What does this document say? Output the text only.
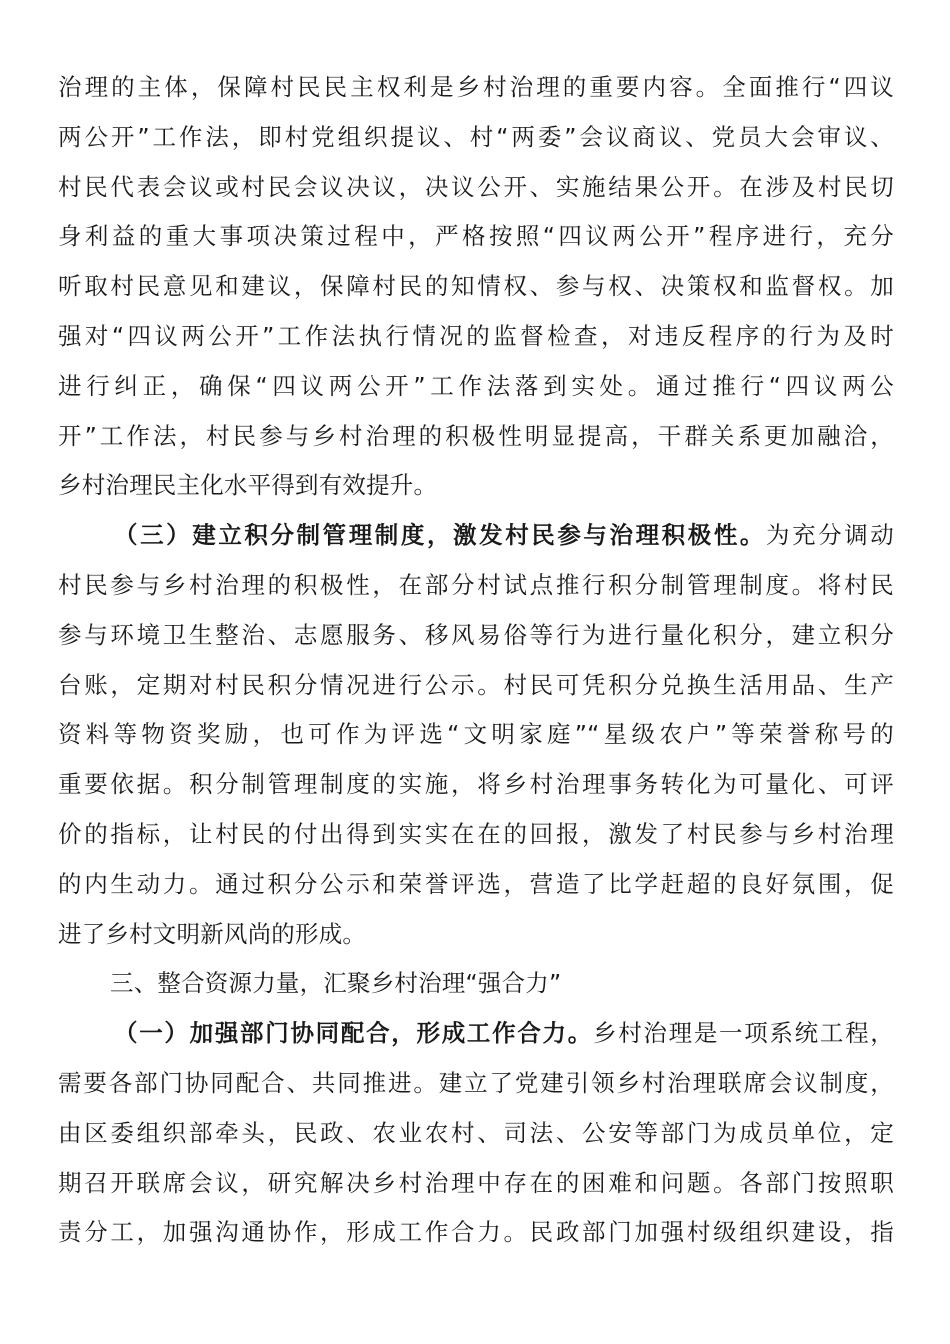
治理的主体，保障村民民主权利是乡村治理的重要内容。全面推行“四议
两公开”工作法，即村党组织提议、村“两委”会议商议、党员大会审议、
村民代表会议或村民会议决议，决议公开、实施结果公开。在涉及村民切
身利益的重大事项决策过程中，严格按照“四议两公开”程序进行，充分
听取村民意见和建议，保障村民的知情权、参与权、决策权和监督权。加
强对“四议两公开”工作法执行情况的监督检查，对违反程序的行为及时
进行纠正，确保“四议两公开”工作法落到实处。通过推行“四议两公
开”工作法，村民参与乡村治理的积极性明显提高，干群关系更加融洽，
乡村治理民主化水平得到有效提升。
（三）建立积分制管理制度，激发村民参与治理积极性。为充分调动
村民参与乡村治理的积极性，在部分村试点推行积分制管理制度。将村民
参与环境卫生整治、志愿服务、移风易俗等行为进行量化积分，建立积分
台账，定期对村民积分情况进行公示。村民可凭积分兑换生活用品、生产
资料等物资奖励，也可作为评选“文明家庭”“星级农户”等荣誉称号的
重要依据。积分制管理制度的实施，将乡村治理事务转化为可量化、可评
价的指标，让村民的付出得到实实在在的回报，激发了村民参与乡村治理
的内生动力。通过积分公示和荣誉评选，营造了比学赶超的良好氛围，促
进了乡村文明新风尚的形成。
三、整合资源力量，汇聚乡村治理“强合力”
（一）加强部门协同配合，形成工作合力。乡村治理是一项系统工程，
需要各部门协同配合、共同推进。建立了党建引领乡村治理联席会议制度，
由区委组织部牵头，民政、农业农村、司法、公安等部门为成员单位，定
期召开联席会议，研究解决乡村治理中存在的困难和问题。各部门按照职
责分工，加强沟通协作，形成工作合力。民政部门加强村级组织建设，指
